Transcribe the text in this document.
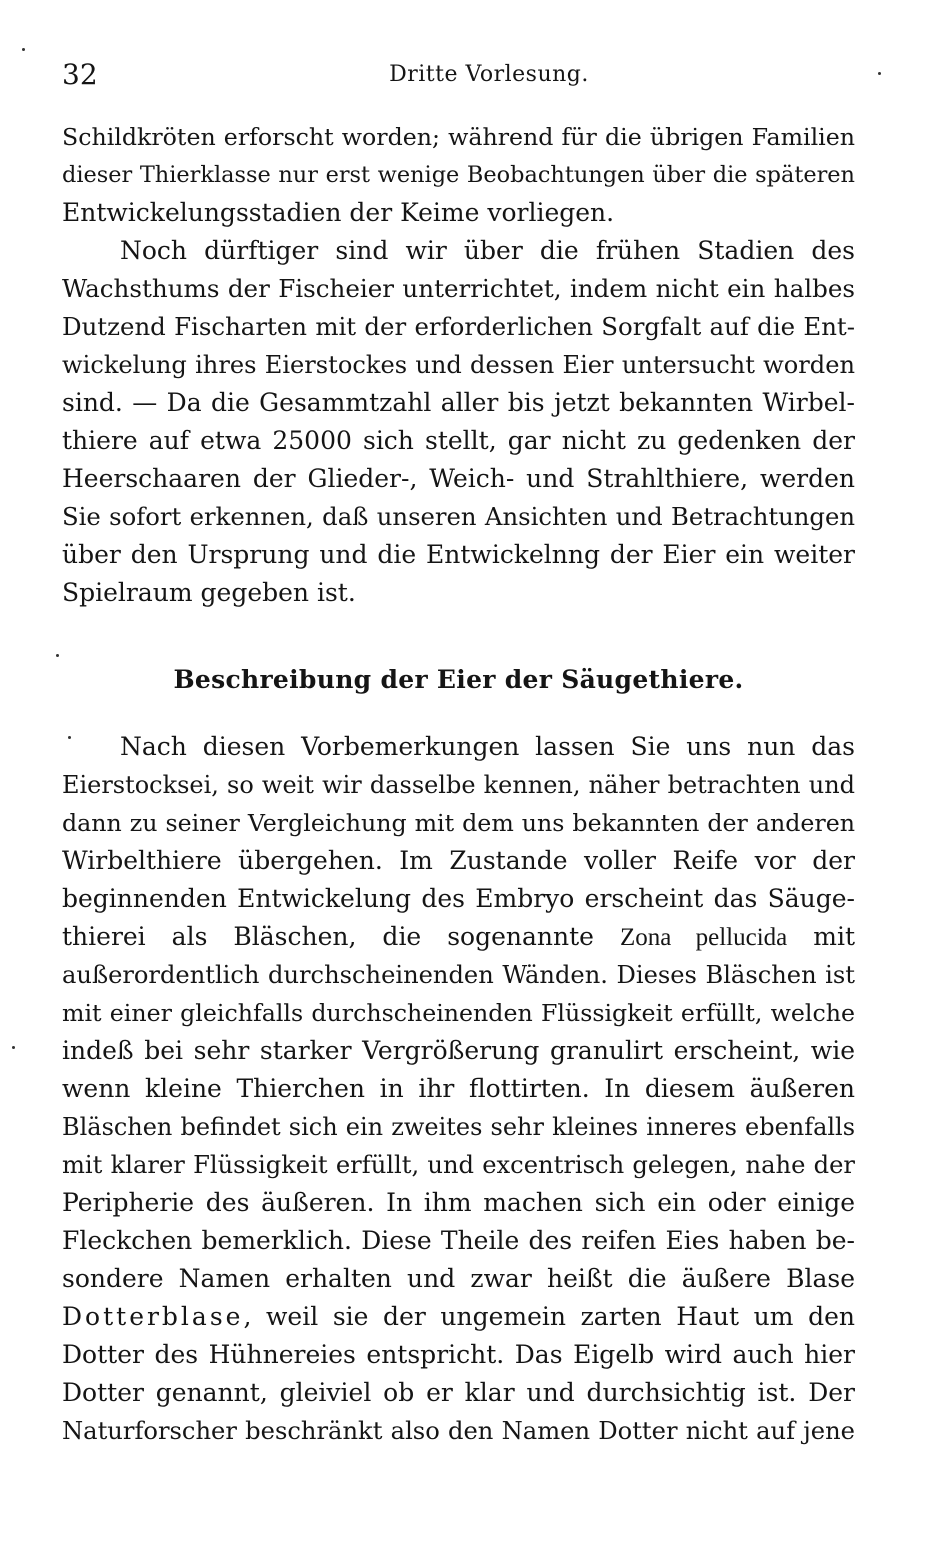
32	Dritte Vorlesung.
Schildkröten erforscht worden; während für die übrigen Familien
dieser Thierklasse nur erst wenige Beobachtungen über die späteren
Entwickelungsstadien der Keime vorliegen.
Noch dürftiger sind wir über die frühen Stadien des
Wachsthums der Fischeier unterrichtet, indem nicht ein halbes
Dutzend Fischarten mit der erforderlichen Sorgfalt auf die Ent-
wickelung ihres Eierstockes und dessen Eier untersucht worden
sind. — Da die Gesammtzahl aller bis jetzt bekannten Wirbel-
thiere auf etwa 25000 sich stellt, gar nicht zu gedenken der
Heerschaaren der Glieder-, Weich- und Strahlthiere, werden
Sie sofort erkennen, daß unseren Ansichten und Betrachtungen
über den Ursprung und die Entwickelnng der Eier ein weiter
Spielraum gegeben ist.
Beschreibung der Eier der Säugethiere.
Nach diesen Vorbemerkungen lassen Sie uns nun das
Eierstocksei, so weit wir dasselbe kennen, näher betrachten und
dann zu seiner Vergleichung mit dem uns bekannten der anderen
Wirbelthiere übergehen. Im Zustande voller Reife vor der
beginnenden Entwickelung des Embryo erscheint das Säuge-
thierei als Bläschen, die sogenannte Zona pellucida mit
außerordentlich durchscheinenden Wänden. Dieses Bläschen ist
mit einer gleichfalls durchscheinenden Flüssigkeit erfüllt, welche
indeß bei sehr starker Vergrößerung granulirt erscheint, wie
wenn kleine Thierchen in ihr flottirten. In diesem äußeren
Bläschen befindet sich ein zweites sehr kleines inneres ebenfalls
mit klarer Flüssigkeit erfüllt, und excentrisch gelegen, nahe der
Peripherie des äußeren. In ihm machen sich ein oder einige
Fleckchen bemerklich. Diese Theile des reifen Eies haben be-
sondere Namen erhalten und zwar heißt die äußere Blase
Dotterblase, weil sie der ungemein zarten Haut um den
Dotter des Hühnereies entspricht. Das Eigelb wird auch hier
Dotter genannt, gleiviel ob er klar und durchsichtig ist. Der
Naturforscher beschränkt also den Namen Dotter nicht auf jene
